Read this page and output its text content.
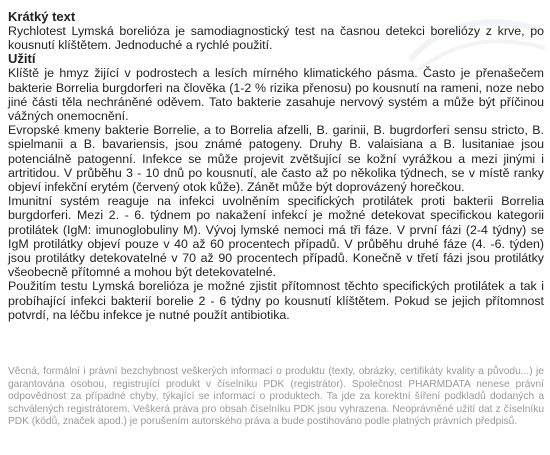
Krátký text

Rychlotest Lymská borelióza je samodiagnostický test na časnou detekci boreliózy z krve, po kousnutí klíštětem. Jednoduché a rychlé použití.

Užití

Klíště je hmyz žijící v podrostech a lesích mírného klimatického pásma. Často je přenašečem bakterie Borrelia burgdorferi na člověka (1-2 % rizika přenosu) po kousnutí na rameni, noze nebo jiné části těla nechráněné oděvem. Tato bakterie zasahuje nervový systém a může být příčinou vážných onemocnění.

Evropské kmeny bakterie Borrelie, a to Borrelia afzelli, B. garinii, B. bugrdorferi sensu stricto, B. spielmanii a B. bavariensis, jsou známé patogeny. Druhy B. valaisiana a B. lusitaniae jsou potenciálně patogenní. Infekce se může projevit zvětšující se kožní vyrážkou a mezi jinými i artritidou. V průběhu 3 - 10 dnů po kousnutí, ale často až po několika týdnech, se v místě ranky objeví infekční erytém (červený otok kůže). Zánět může být doprovázený horečkou.

Imunitní systém reaguje na infekci uvolněním specifických protilátek proti bakterii Borrelia burgdorferi. Mezi 2. - 6. týdnem po nakažení infekcí je možné detekovat specifickou kategorii protilátek (IgM: imunoglobuliny M). Vývoj lymské nemoci má tři fáze. V první fázi (2-4 týdny) se IgM protilátky objeví pouze v 40 až 60 procentech případů. V průběhu druhé fáze (4. -6. týden) jsou protilátky detekovatelné v 70 až 90 procentech případů. Konečně v třetí fázi jsou protilátky všeobecně přítomné a mohou být detekovatelné.

Použitím testu Lymská borelióza je možné zjistit přítomnost těchto specifických protilátek a tak i probíhající infekci bakterií borelie 2 - 6 týdny po kousnutí klíštětem. Pokud se jejich přítomnost potvrdí, na léčbu infekce je nutné použít antibiotika.

Věcná, formální i právní bezchybnost veškerých informací o produktu (texty, obrázky, certifikáty kvality a původu...) je garantována osobou, registrující produkt v číselníku PDK (registrátor). Společnost PHARMDATA nenese právní odpovědnost za případné chyby, týkající se informací o produktech. Ta jde za korektní šíření podkladů dodaných a schválených registrátorem. Veškerá práva pro obsah číselníku PDK jsou vyhrazena. Neoprávněné užití dat z číselníku PDK (kódů, značek apod.) je porušením autorského práva a bude postihováno podle platných právních předpisů.
